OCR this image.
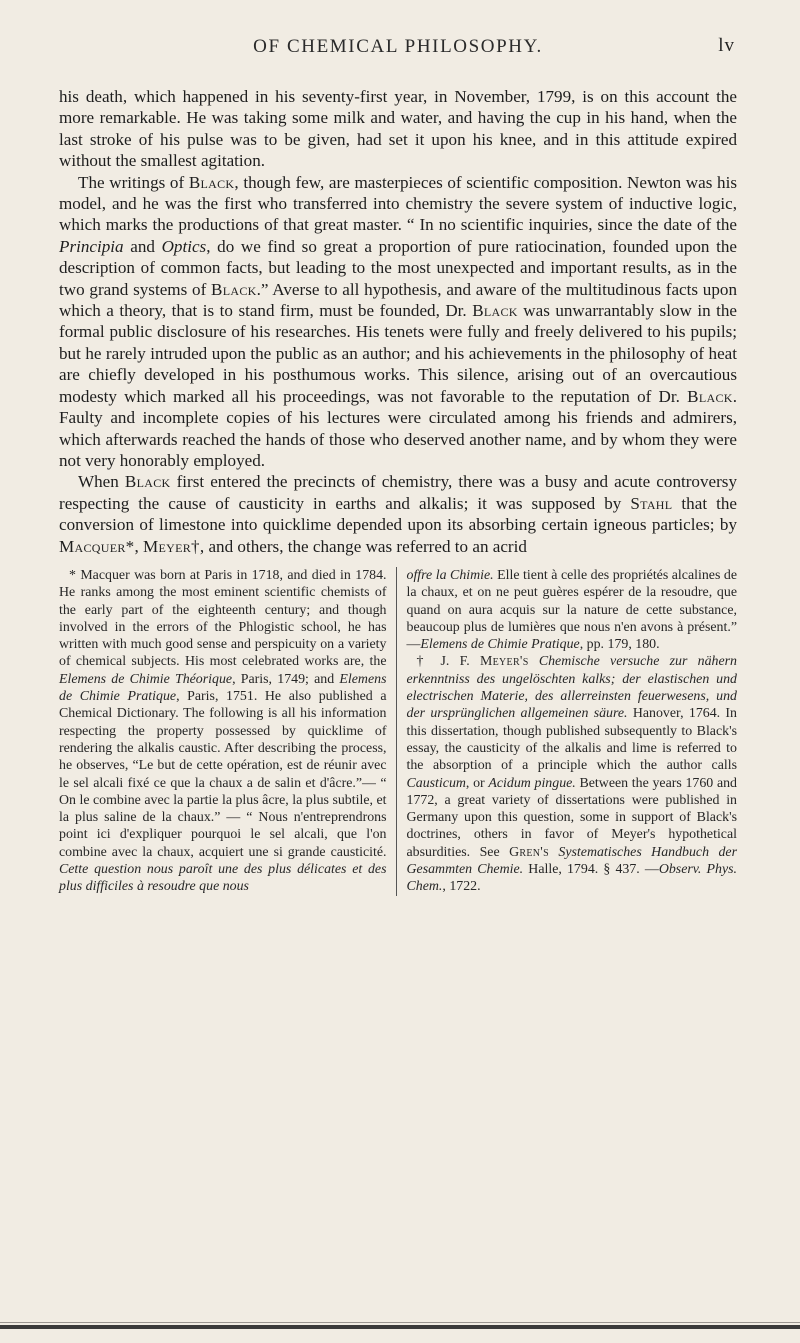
OF CHEMICAL PHILOSOPHY.	lv

his death, which happened in his seventy-first year, in November, 1799, is on this account the more remarkable. He was taking some milk and water, and having the cup in his hand, when the last stroke of his pulse was to be given, had set it upon his knee, and in this attitude expired without the smallest agitation.

The writings of Black, though few, are masterpieces of scientific composition. Newton was his model, and he was the first who transferred into chemistry the severe system of inductive logic, which marks the productions of that great master. “ In no scientific inquiries, since the date of the Principia and Optics, do we find so great a proportion of pure ratiocination, founded upon the description of common facts, but leading to the most unexpected and important results, as in the two grand systems of Black.” Averse to all hypothesis, and aware of the multitudinous facts upon which a theory, that is to stand firm, must be founded, Dr. Black was unwarrantably slow in the formal public disclosure of his researches. His tenets were fully and freely delivered to his pupils; but he rarely intruded upon the public as an author; and his achievements in the philosophy of heat are chiefly developed in his posthumous works. This silence, arising out of an overcautious modesty which marked all his proceedings, was not favorable to the reputation of Dr. Black. Faulty and incomplete copies of his lectures were circulated among his friends and admirers, which afterwards reached the hands of those who deserved another name, and by whom they were not very honorably employed.

When Black first entered the precincts of chemistry, there was a busy and acute controversy respecting the cause of causticity in earths and alkalis; it was supposed by Stahl that the conversion of limestone into quicklime depended upon its absorbing certain igneous particles; by Macquer*, Meyer†, and others, the change was referred to an acrid

* Macquer was born at Paris in 1718, and died in 1784. He ranks among the most eminent scientific chemists of the early part of the eighteenth century; and though involved in the errors of the Phlogistic school, he has written with much good sense and perspicuity on a variety of chemical subjects. His most celebrated works are, the Elemens de Chimie Théorique, Paris, 1749; and Elemens de Chimie Pratique, Paris, 1751. He also published a Chemical Dictionary. The following is all his information respecting the property possessed by quicklime of rendering the alkalis caustic. After describing the process, he observes, “Le but de cette opération, est de réunir avec le sel alcali fixé ce que la chaux a de salin et d'âcre.”— “ On le combine avec la partie la plus âcre, la plus subtile, et la plus saline de la chaux.” — “ Nous n'entreprendrons point ici d'expliquer pourquoi le sel alcali, que l'on combine avec la chaux, acquiert une si grande causticité. Cette question nous paroît une des plus délicates et des plus difficiles à resoudre que nous

offre la Chimie. Elle tient à celle des propriétés alcalines de la chaux, et on ne peut guères espérer de la resoudre, que quand on aura acquis sur la nature de cette substance, beaucoup plus de lumières que nous n'en avons à présent.” —Elemens de Chimie Pratique, pp. 179, 180.

† J. F. Meyer's Chemische versuche zur nähern erkenntniss des ungelöschten kalks; der elastischen und electrischen Materie, des allerreinsten feuerwesens, und der ursprünglichen allgemeinen säure. Hanover, 1764. In this dissertation, though published subsequently to Black's essay, the causticity of the alkalis and lime is referred to the absorption of a principle which the author calls Causticum, or Acidum pingue. Between the years 1760 and 1772, a great variety of dissertations were published in Germany upon this question, some in support of Black's doctrines, others in favor of Meyer's hypothetical absurdities. See Gren's Systematisches Handbuch der Gesammten Chemie. Halle, 1794. § 437. —Observ. Phys. Chem., 1722.
